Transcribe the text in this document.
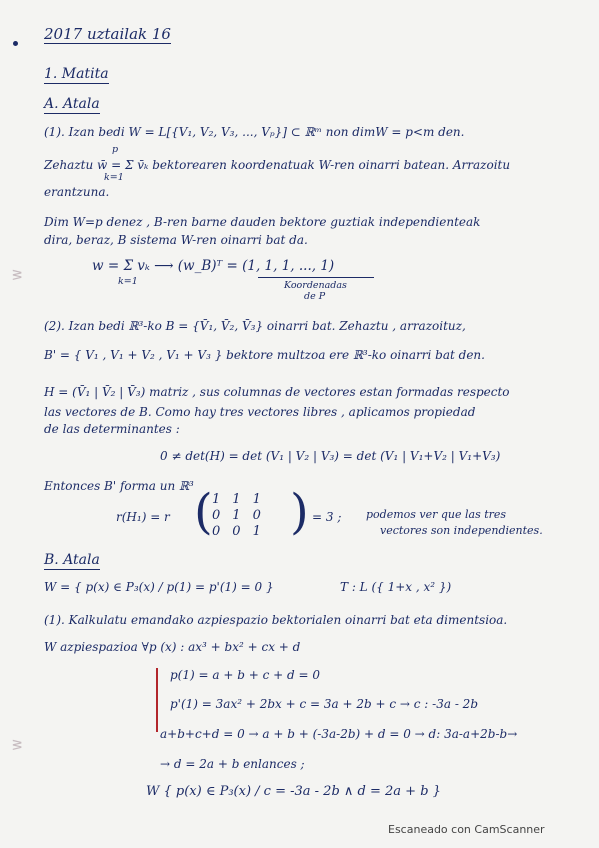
ᕒ
ᕒ
2017 uztailak 16
1. Matita
A. Atala
(1). Izan bedi W = L[{V₁, V₂, V₃, ..., Vₚ}] ⊂ ℝᵐ non dimW = p<m den.
p
Zehaztu w̄ = Σ v̄ₖ bektorearen koordenatuak W-ren oinarri batean. Arrazoitu
k=1
erantzuna.
Dim W=p denez , B-ren barne dauden bektore guztiak independienteak
dira, beraz, B sistema W-ren oinarri bat da.
w = Σ vₖ ⟶ (w_B)ᵀ = (1, 1, 1, ..., 1)
k=1	Koordenadas
de P
(2). Izan bedi ℝ³-ko B = {V̄₁, V̄₂, V̄₃} oinarri bat. Zehaztu , arrazoituz,
B' = { V₁ , V₁ + V₂ , V₁ + V₃ } bektore multzoa ere ℝ³-ko oinarri bat den.
H = (V̄₁ | V̄₂ | V̄₃) matriz , sus columnas de vectores estan formadas respecto
las vectores de B. Como hay tres vectores libres , aplicamos propiedad
de las determinantes :
0 ≠ det(H) = det (V₁ | V₂ | V₃) = det (V₁ | V₁+V₂ | V₁+V₃)
Entonces B' forma un ℝ³
r(H₁) = r ( 1	1	1
0	1	0
0	0	1 ) = 3 ; podemos ver que las tres
vectores son independientes.
B. Atala
W = { p(x) ∈ P₃(x) / p(1) = p'(1) = 0 }	T : L ({ 1+x , x² })
(1). Kalkulatu emandako azpiespazio bektorialen oinarri bat eta dimentsioa.
W azpiespazioa ∀p (x) : ax³ + bx² + cx + d
p(1) = a + b + c + d = 0
p'(1) = 3ax² + 2bx + c = 3a + 2b + c → c : -3a - 2b
a+b+c+d = 0 → a + b + (-3a-2b) + d = 0 → d: 3a-a+2b-b→
→ d = 2a + b enlances ;
W { p(x) ∈ P₃(x) / c = -3a - 2b ∧ d = 2a + b }
Escaneado con CamScanner
